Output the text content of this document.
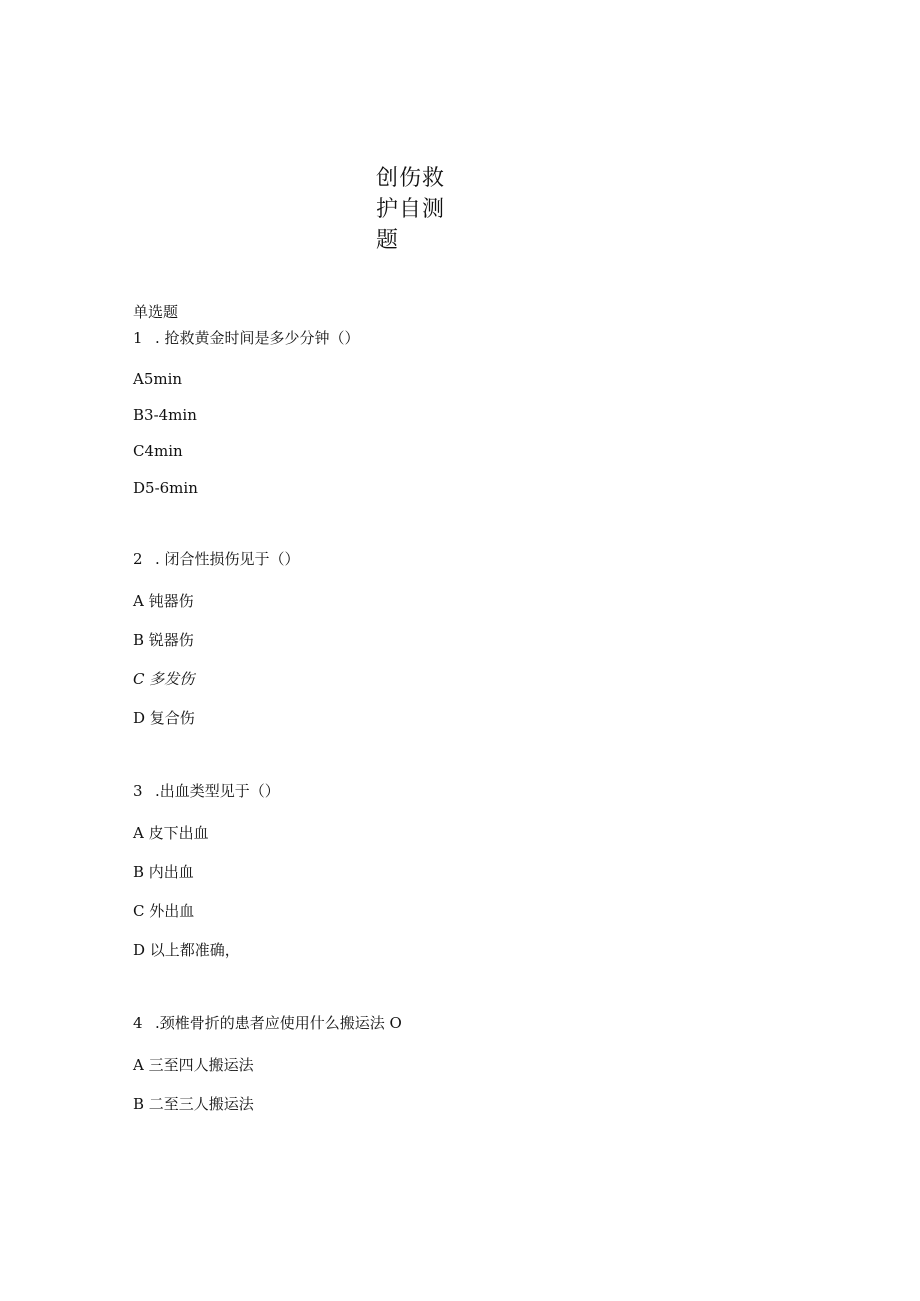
创伤救护自测题
单选题
1 . 抢救黄金时间是多少分钟（）
A5min
B3-4min
C4min
D5-6min
2 . 闭合性损伤见于（）
A 钝器伤
B 锐器伤
C 多发伤
D 复合伤
3 .出血类型见于（）
A 皮下出血
B 内出血
C 外出血
D 以上都准确，
4 .颈椎骨折的患者应使用什么搬运法 O
A 三至四人搬运法
B 二至三人搬运法
